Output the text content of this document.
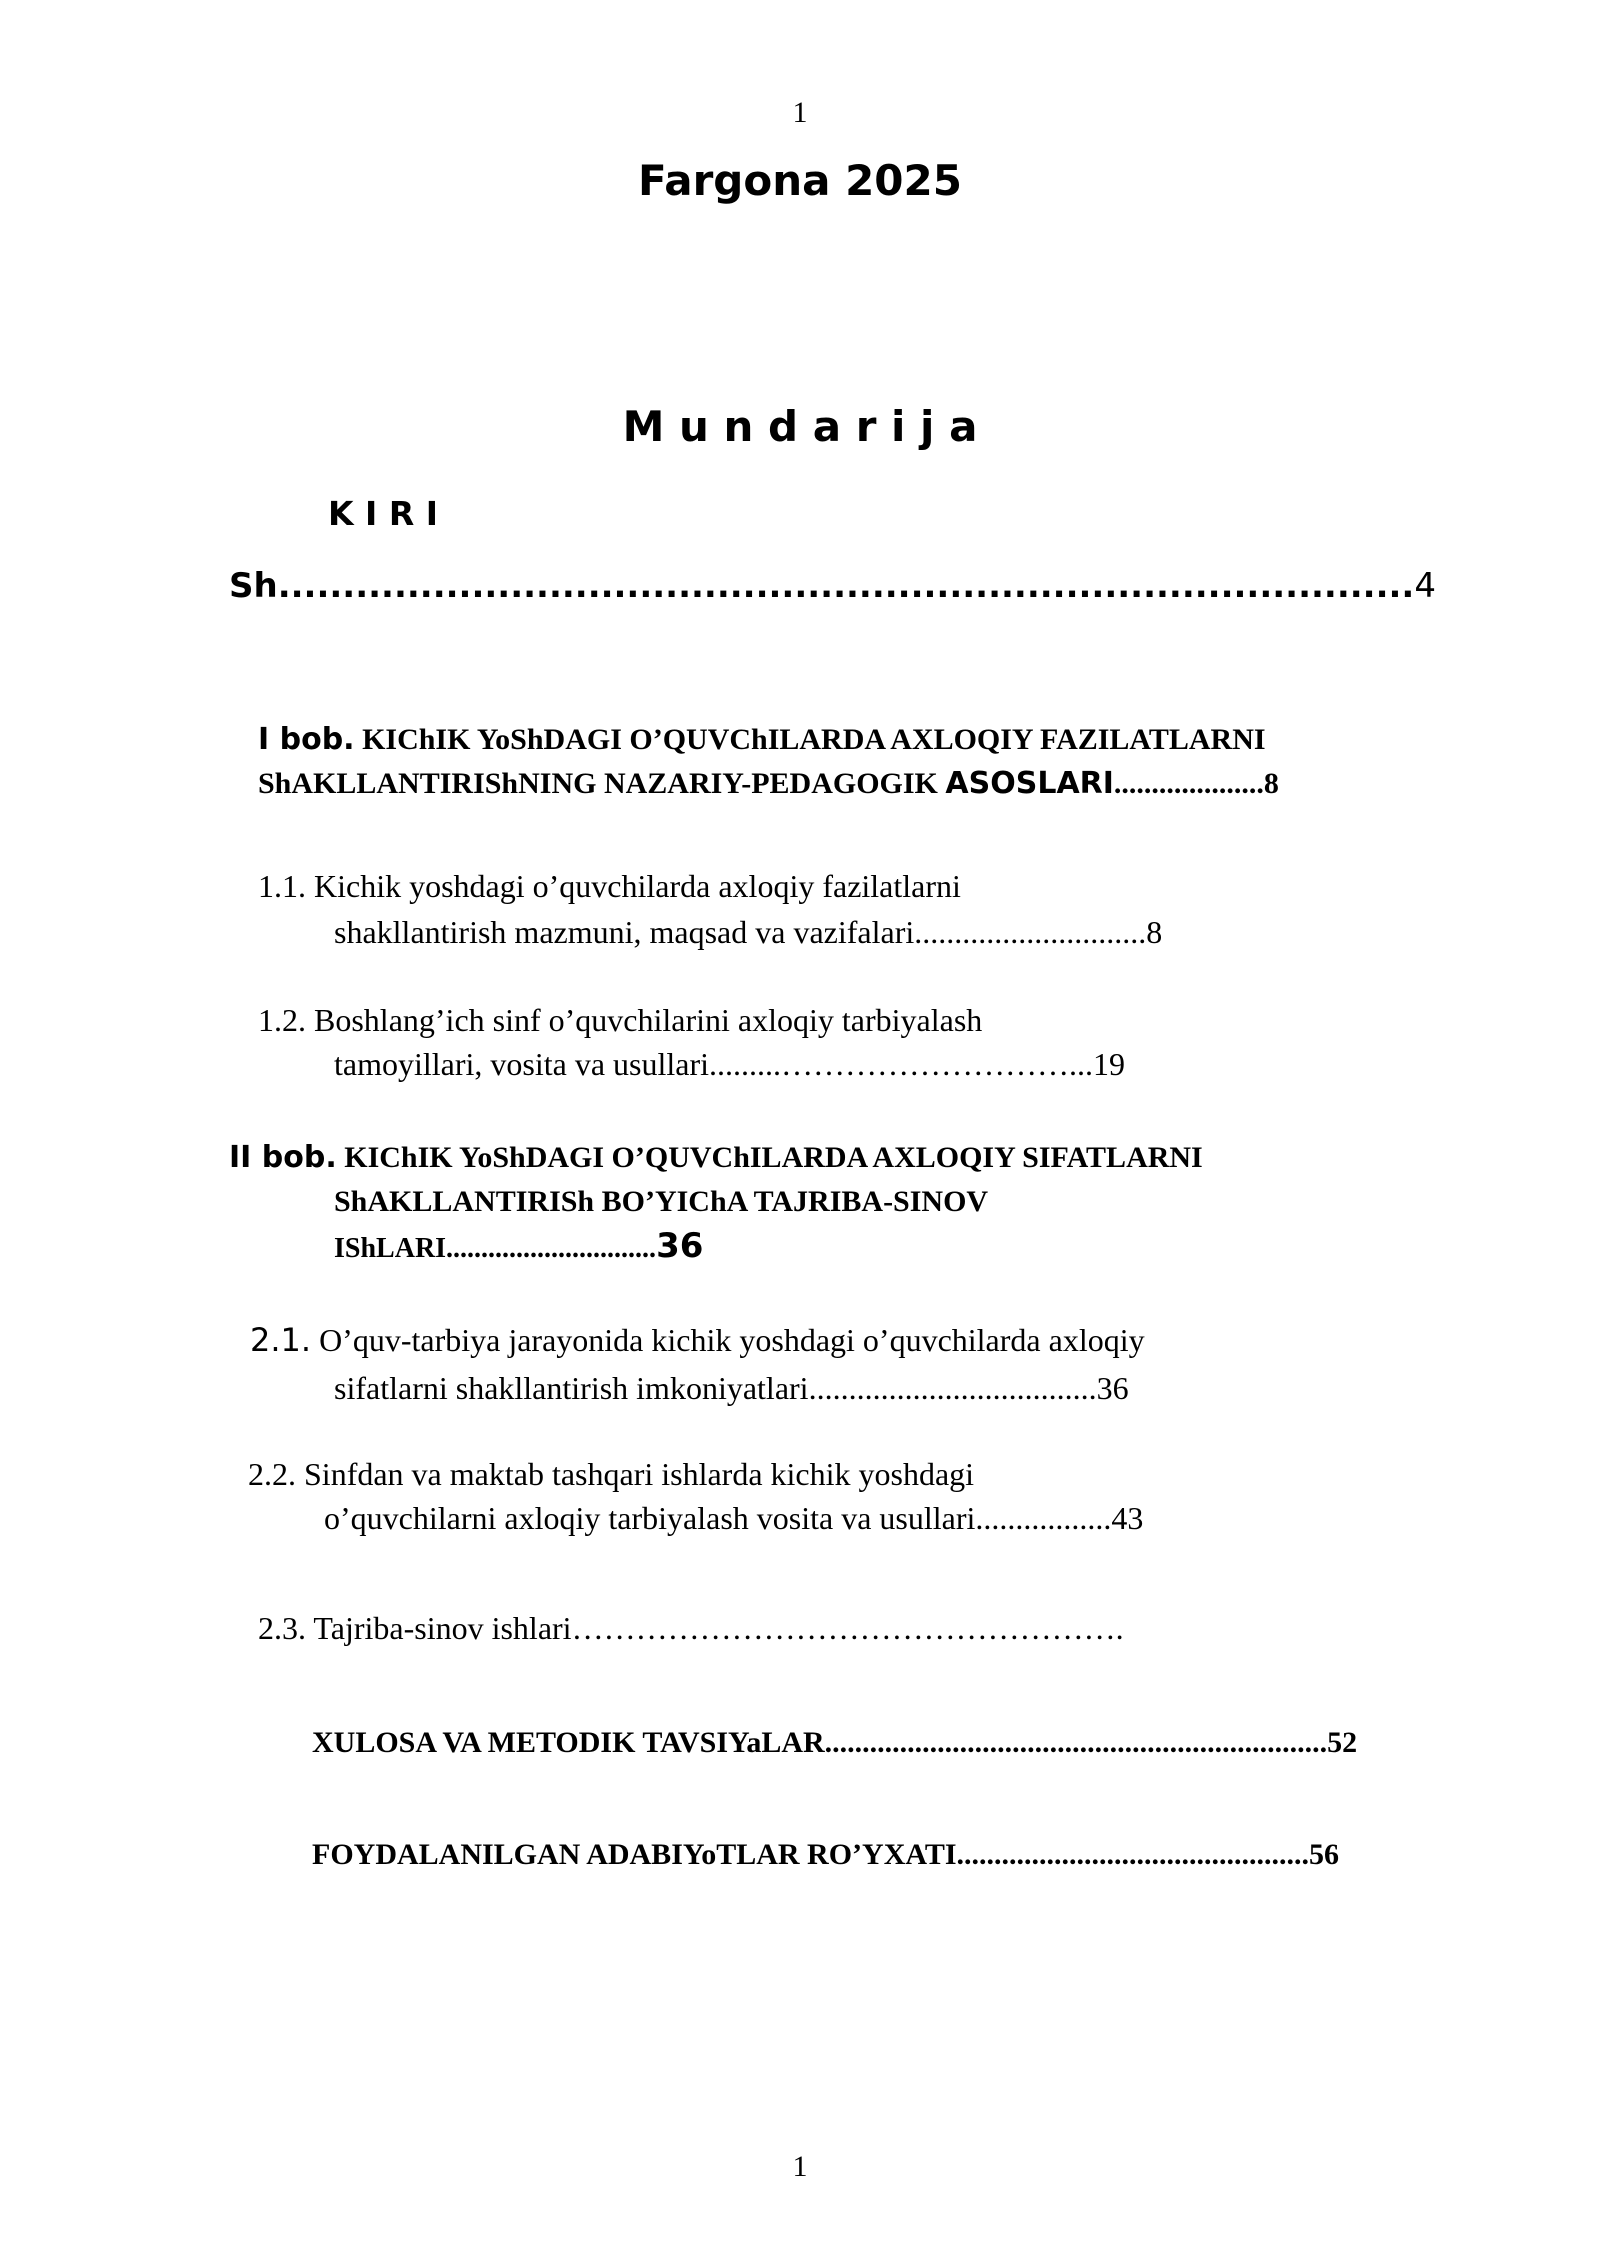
1
Fargona 2025
M u n d a r i j a
K I R I
Sh........................................................................................4
I bob. KIChIK YoShDAGI O’QUVChILARDA AXLOQIY FAZILATLARNI
ShAKLLANTIRIShNING NAZARIY-PEDAGOGIK ASOSLARI....................8
1.1. Kichik yoshdagi o’quvchilarda axloqiy fazilatlarni
shakllantirish mazmuni, maqsad va vazifalari.............................8
1.2. Boshlang’ich sinf o’quvchilarini axloqiy tarbiyalash
tamoyillari, vosita va usullari.........………………………...19
II bob. KIChIK YoShDAGI O’QUVChILARDA AXLOQIY SIFATLARNI
ShAKLLANTIRISh BO’YIChA TAJRIBA-SINOV
IShLARI..............................36
2.1. O’quv-tarbiya jarayonida kichik yoshdagi o’quvchilarda axloqiy
sifatlarni shakllantirish imkoniyatlari....................................36
2.2. Sinfdan va maktab tashqari ishlarda kichik yoshdagi
o’quvchilarni axloqiy tarbiyalash vosita va usullari.................43
2.3. Tajriba-sinov ishlari…………………………………………….
XULOSA VA METODIK TAVSIYaLAR...................................................................52
FOYDALANILGAN ADABIYoTLAR RO’YXATI...............................................56
1
